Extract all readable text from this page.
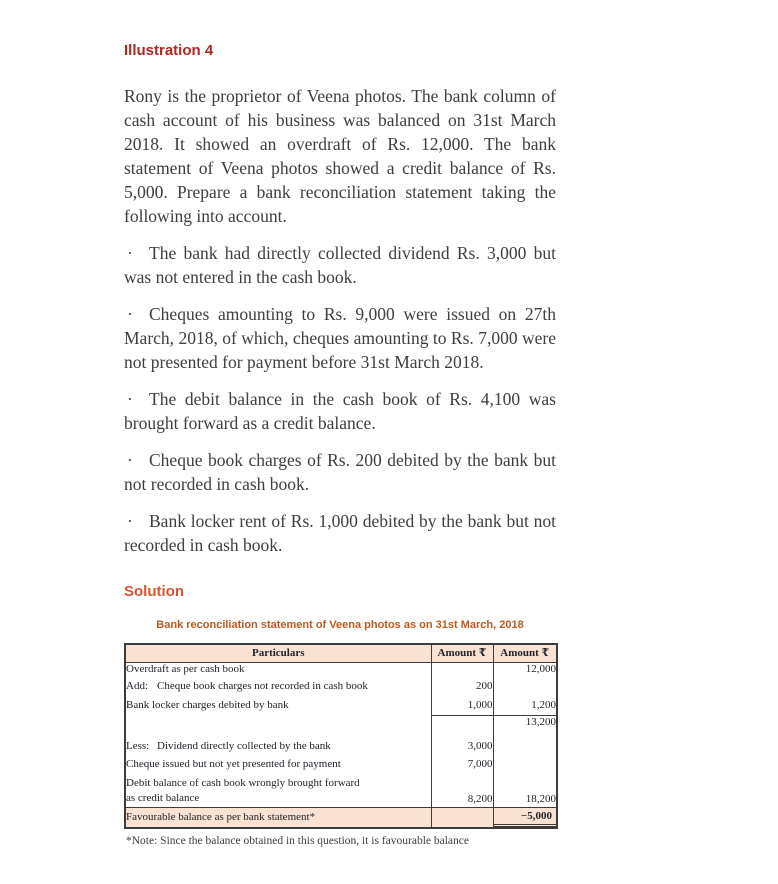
Illustration 4

Rony is the proprietor of Veena photos. The bank column of cash account of his business was balanced on 31st March 2018. It showed an overdraft of Rs. 12,000. The bank statement of Veena photos showed a credit balance of Rs. 5,000. Prepare a bank reconciliation statement taking the following into account.

· The bank had directly collected dividend Rs. 3,000 but was not entered in the cash book.

· Cheques amounting to Rs. 9,000 were issued on 27th March, 2018, of which, cheques amounting to Rs. 7,000 were not presented for payment before 31st March 2018.

· The debit balance in the cash book of Rs. 4,100 was brought forward as a credit balance.

· Cheque book charges of Rs. 200 debited by the bank but not recorded in cash book.

· Bank locker rent of Rs. 1,000 debited by the bank but not recorded in cash book.

Solution
Bank reconciliation statement of Veena photos as on 31st March, 2018
Particulars	Amount ₹	Amount ₹
Overdraft as per cash book		12,000
Add: Cheque book charges not recorded in cash book	200	
Bank locker charges debited by bank	1,000	1,200
		13,200

Less: Dividend directly collected by the bank	3,000	
Cheque issued but not yet presented for payment	7,000	
Debit balance of cash book wrongly brought forward		
as credit balance	8,200	18,200
Favourable balance as per bank statement*		−5,000
*Note: Since the balance obtained in this question, it is favourable balance
